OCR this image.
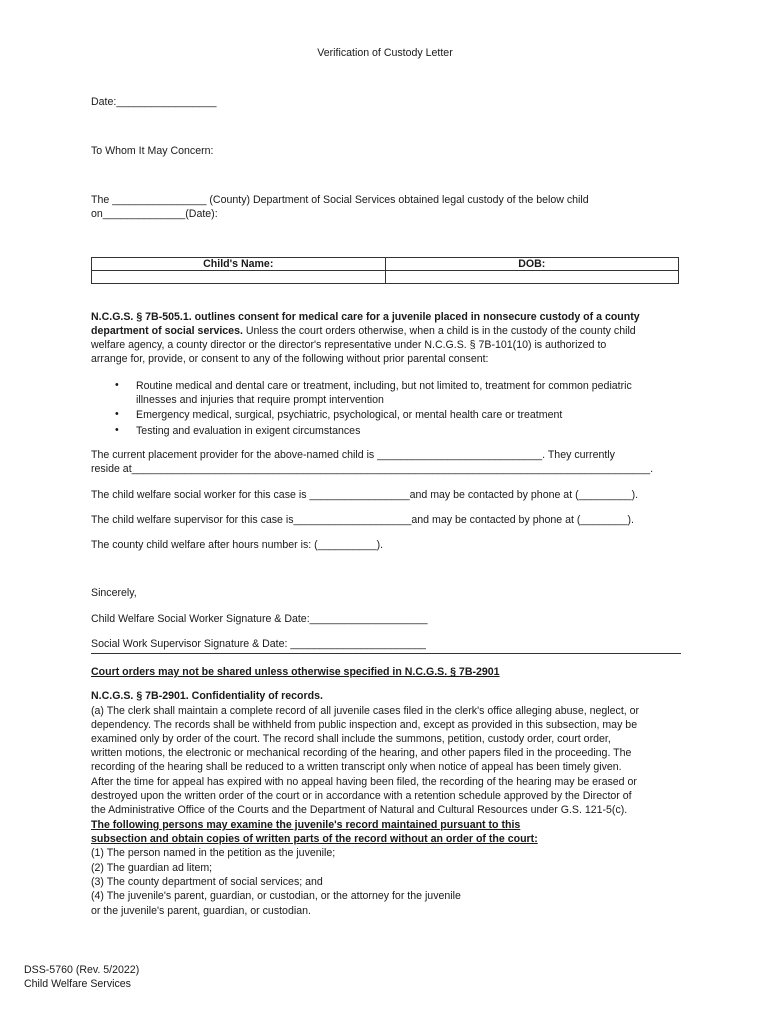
Verification of Custody Letter
Date:_________________
To Whom It May Concern:
The ________________ (County) Department of Social Services obtained legal custody of the below child
on______________(Date):
Child's Name:	DOB:

N.C.G.S. § 7B-505.1. outlines consent for medical care for a juvenile placed in nonsecure custody of a county
department of social services. Unless the court orders otherwise, when a child is in the custody of the county child
welfare agency, a county director or the director's representative under N.C.G.S. § 7B-101(10) is authorized to
arrange for, provide, or consent to any of the following without prior parental consent:
• Routine medical and dental care or treatment, including, but not limited to, treatment for common pediatric
illnesses and injuries that require prompt intervention
• Emergency medical, surgical, psychiatric, psychological, or mental health care or treatment
• Testing and evaluation in exigent circumstances
The current placement provider for the above-named child is ____________________________. They currently
reside at________________________________________________________________________________________.
The child welfare social worker for this case is _________________and may be contacted by phone at (_________).
The child welfare supervisor for this case is____________________and may be contacted by phone at (________).
The county child welfare after hours number is: (__________).
Sincerely,
Child Welfare Social Worker Signature & Date:____________________
Social Work Supervisor Signature & Date: _______________________
Court orders may not be shared unless otherwise specified in N.C.G.S. § 7B-2901
N.C.G.S. § 7B-2901. Confidentiality of records.
(a) The clerk shall maintain a complete record of all juvenile cases filed in the clerk's office alleging abuse, neglect, or
dependency. The records shall be withheld from public inspection and, except as provided in this subsection, may be
examined only by order of the court. The record shall include the summons, petition, custody order, court order,
written motions, the electronic or mechanical recording of the hearing, and other papers filed in the proceeding. The
recording of the hearing shall be reduced to a written transcript only when notice of appeal has been timely given.
After the time for appeal has expired with no appeal having been filed, the recording of the hearing may be erased or
destroyed upon the written order of the court or in accordance with a retention schedule approved by the Director of
the Administrative Office of the Courts and the Department of Natural and Cultural Resources under G.S. 121-5(c).
The following persons may examine the juvenile's record maintained pursuant to this
subsection and obtain copies of written parts of the record without an order of the court:
(1) The person named in the petition as the juvenile;
(2) The guardian ad litem;
(3) The county department of social services; and
(4) The juvenile's parent, guardian, or custodian, or the attorney for the juvenile
or the juvenile's parent, guardian, or custodian.
DSS-5760 (Rev. 5/2022)
Child Welfare Services
